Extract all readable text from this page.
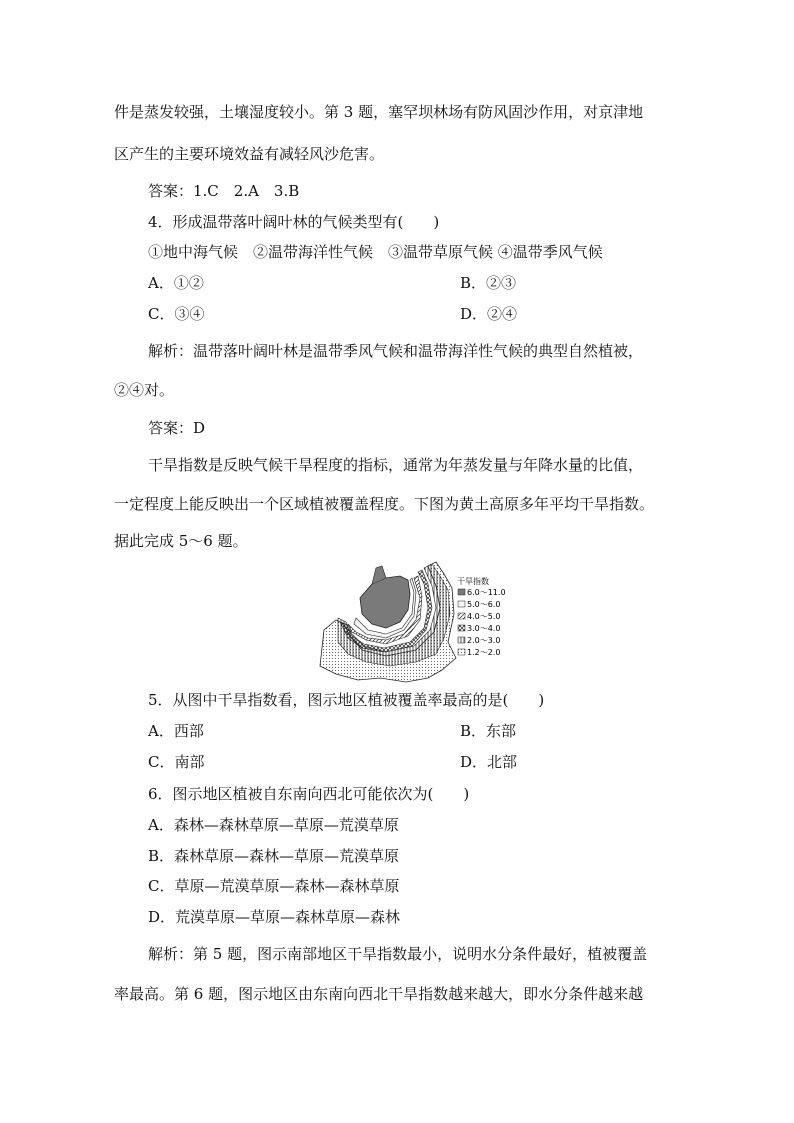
件是蒸发较强，土壤湿度较小。第 3 题，塞罕坝林场有防风固沙作用，对京津地
区产生的主要环境效益有减轻风沙危害。
答案：1.C　2.A　3.B
4．形成温带落叶阔叶林的气候类型有(　　)
①地中海气候　②温带海洋性气候　③温带草原气候 ④温带季风气候
A．①②	B．②③
C．③④	D．②④
解析：温带落叶阔叶林是温带季风气候和温带海洋性气候的典型自然植被，
②④对。
答案：D
干旱指数是反映气候干旱程度的指标，通常为年蒸发量与年降水量的比值，
一定程度上能反映出一个区域植被覆盖程度。下图为黄土高原多年平均干旱指数。
据此完成 5～6 题。
干旱指数
6.0～11.0
5.0～6.0
4.0～5.0
3.0～4.0
2.0～3.0
1.2～2.0
5．从图中干旱指数看，图示地区植被覆盖率最高的是(　　)
A．西部	B．东部
C．南部	D．北部
6．图示地区植被自东南向西北可能依次为(　　)
A．森林—森林草原—草原—荒漠草原
B．森林草原—森林—草原—荒漠草原
C．草原—荒漠草原—森林—森林草原
D．荒漠草原—草原—森林草原—森林
解析：第 5 题，图示南部地区干旱指数最小，说明水分条件最好，植被覆盖
率最高。第 6 题，图示地区由东南向西北干旱指数越来越大，即水分条件越来越
